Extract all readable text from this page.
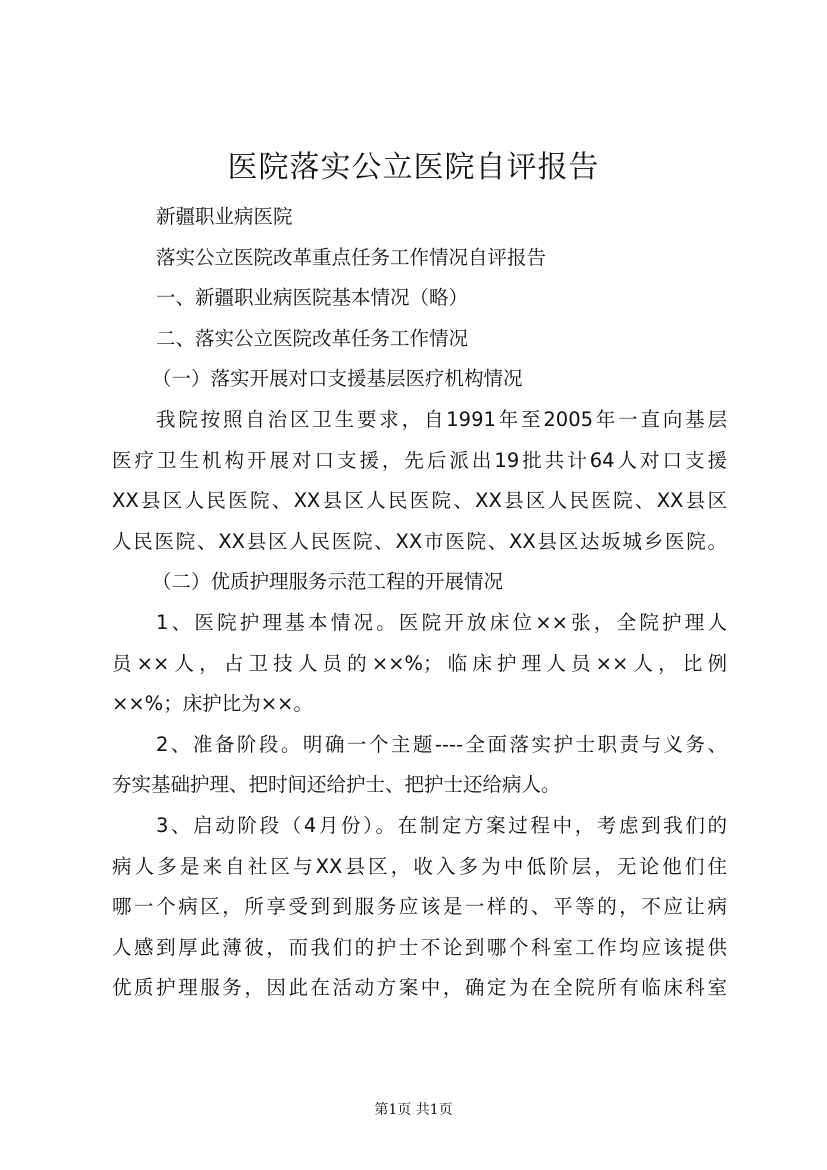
医院落实公立医院自评报告
新疆职业病医院
落实公立医院改革重点任务工作情况自评报告
一、新疆职业病医院基本情况（略）
二、落实公立医院改革任务工作情况
（一）落实开展对口支援基层医疗机构情况
我院按照自治区卫生要求，自1991年至2005年一直向基层
医疗卫生机构开展对口支援，先后派出19批共计64人对口支援
XX县区人民医院、XX县区人民医院、XX县区人民医院、XX县区
人民医院、XX县区人民医院、XX市医院、XX县区达坂城乡医院。
（二）优质护理服务示范工程的开展情况
1、医院护理基本情况。医院开放床位××张，全院护理人
员××人，占卫技人员的××%；临床护理人员××人，比例
××%；床护比为××。
2、准备阶段。明确一个主题----全面落实护士职责与义务、
夯实基础护理、把时间还给护士、把护士还给病人。
3、启动阶段（4月份）。在制定方案过程中，考虑到我们的
病人多是来自社区与XX县区，收入多为中低阶层，无论他们住
哪一个病区，所享受到到服务应该是一样的、平等的，不应让病
人感到厚此薄彼，而我们的护士不论到哪个科室工作均应该提供
优质护理服务，因此在活动方案中，确定为在全院所有临床科室
第1页 共1页
